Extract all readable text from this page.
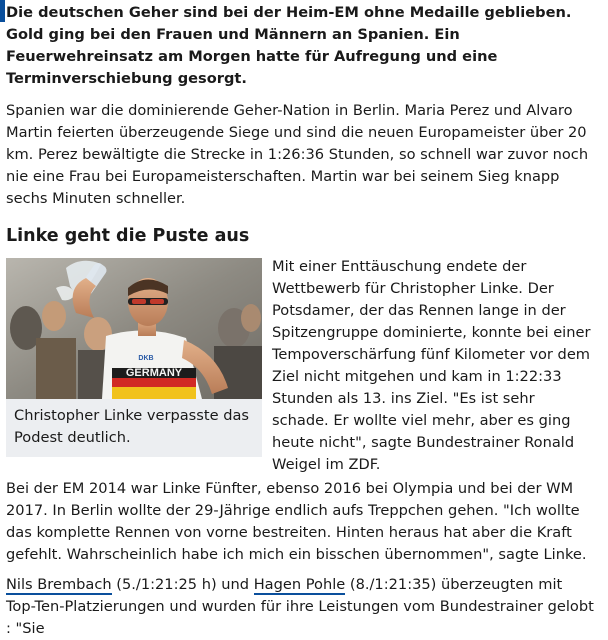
Die deutschen Geher sind bei der Heim-EM ohne Medaille geblieben. Gold ging bei den Frauen und Männern an Spanien. Ein Feuerwehreinsatz am Morgen hatte für Aufregung und eine Terminverschiebung gesorgt.

Spanien war die dominierende Geher-Nation in Berlin. Maria Perez und Alvaro Martin feierten überzeugende Siege und sind die neuen Europameister über 20 km. Perez bewältigte die Strecke in 1:26:36 Stunden, so schnell war zuvor noch nie eine Frau bei Europameisterschaften. Martin war bei seinem Sieg knapp sechs Minuten schneller.

Linke geht die Puste aus
GERMANY
DKB
Christopher Linke verpasste das Podest deutlich.

Mit einer Enttäuschung endete der Wettbewerb für Christopher Linke. Der Potsdamer, der das Rennen lange in der Spitzengruppe dominierte, konnte bei einer Tempoverschärfung fünf Kilometer vor dem Ziel nicht mitgehen und kam in 1:22:33 Stunden als 13. ins Ziel. "Es ist sehr schade. Er wollte viel mehr, aber es ging heute nicht", sagte Bundestrainer Ronald Weigel im ZDF.

Bei der EM 2014 war Linke Fünfter, ebenso 2016 bei Olympia und bei der WM 2017. In Berlin wollte der 29-Jährige endlich aufs Treppchen gehen. "Ich wollte das komplette Rennen von vorne bestreiten. Hinten heraus hat aber die Kraft gefehlt. Wahrscheinlich habe ich mich ein bisschen übernommen", sagte Linke.

Nils Brembach (5./1:21:25 h) und Hagen Pohle (8./1:21:35) überzeugten mit Top-Ten-Platzierungen und wurden für ihre Leistungen vom Bundestrainer gelobt : "Sie
